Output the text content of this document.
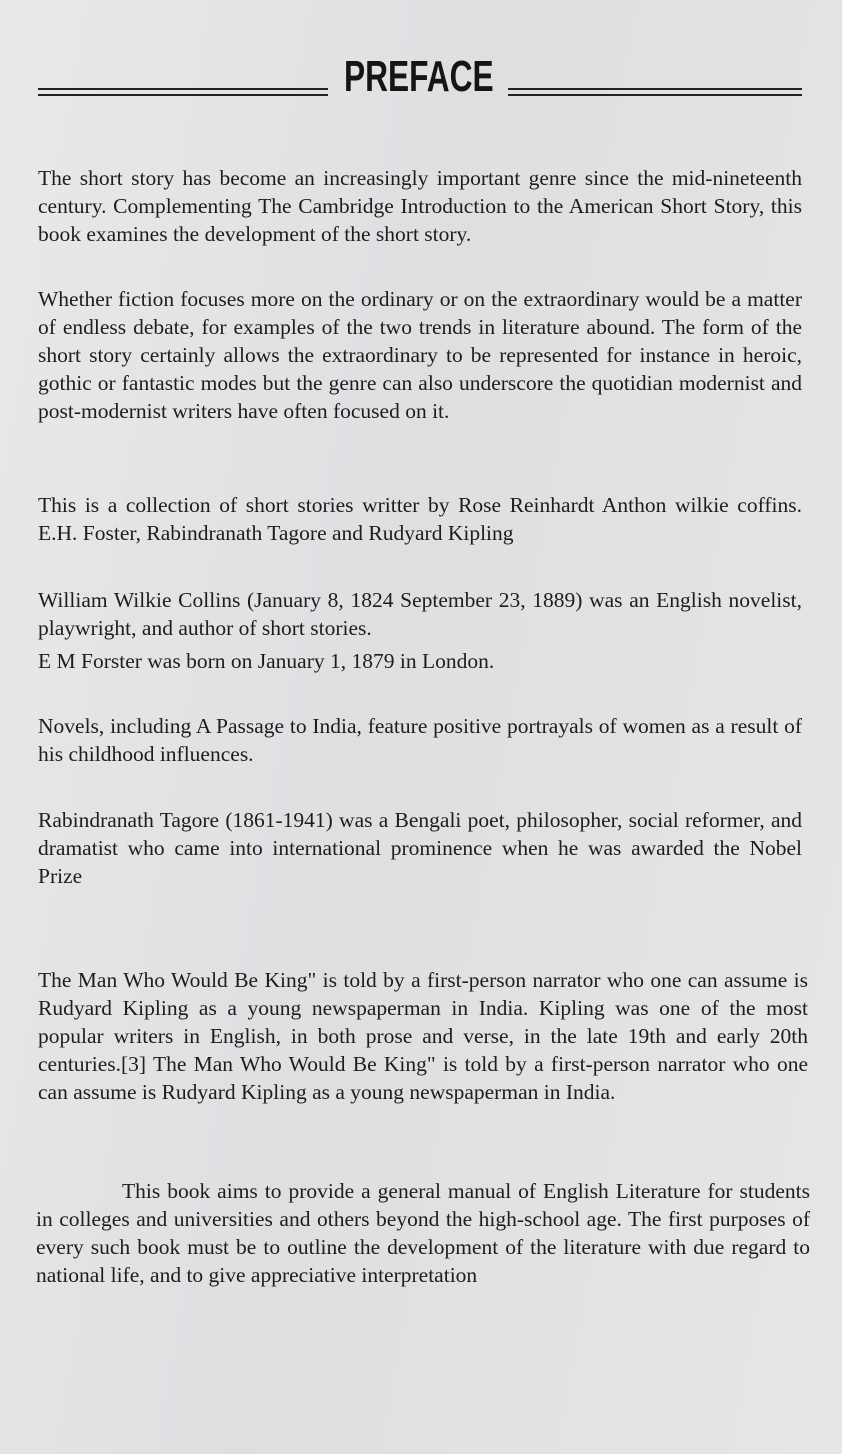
PREFACE
The short story has become an increasingly important genre since the mid-nineteenth century. Complementing The Cambridge Introduction to the American Short Story, this book examines the development of the short story.
Whether fiction focuses more on the ordinary or on the extraordinary would be a matter of endless debate, for examples of the two trends in literature abound. The form of the short story certainly allows the extraordinary to be represented for instance in heroic, gothic or fantastic modes but the genre can also underscore the quotidian modernist and post-modernist writers have often focused on it.
This is a collection of short stories writter by Rose Reinhardt Anthon wilkie coffins. E.H. Foster, Rabindranath Tagore and Rudyard Kipling
William Wilkie Collins (January 8, 1824 September 23, 1889) was an English novelist, playwright, and author of short stories.
E M Forster was born on January 1, 1879 in London.
Novels, including A Passage to India, feature positive portrayals of women as a result of his childhood influences.
Rabindranath Tagore (1861-1941) was a Bengali poet, philosopher, social reformer, and dramatist who came into international prominence when he was awarded the Nobel Prize
The Man Who Would Be King" is told by a first-person narrator who one can assume is Rudyard Kipling as a young newspaperman in India. Kipling was one of the most popular writers in English, in both prose and verse, in the late 19th and early 20th centuries.[3] The Man Who Would Be King" is told by a first-person narrator who one can assume is Rudyard Kipling as a young newspaperman in India.
This book aims to provide a general manual of English Literature for students in colleges and universities and others beyond the high-school age. The first purposes of every such book must be to outline the development of the literature with due regard to national life, and to give appreciative interpretation
